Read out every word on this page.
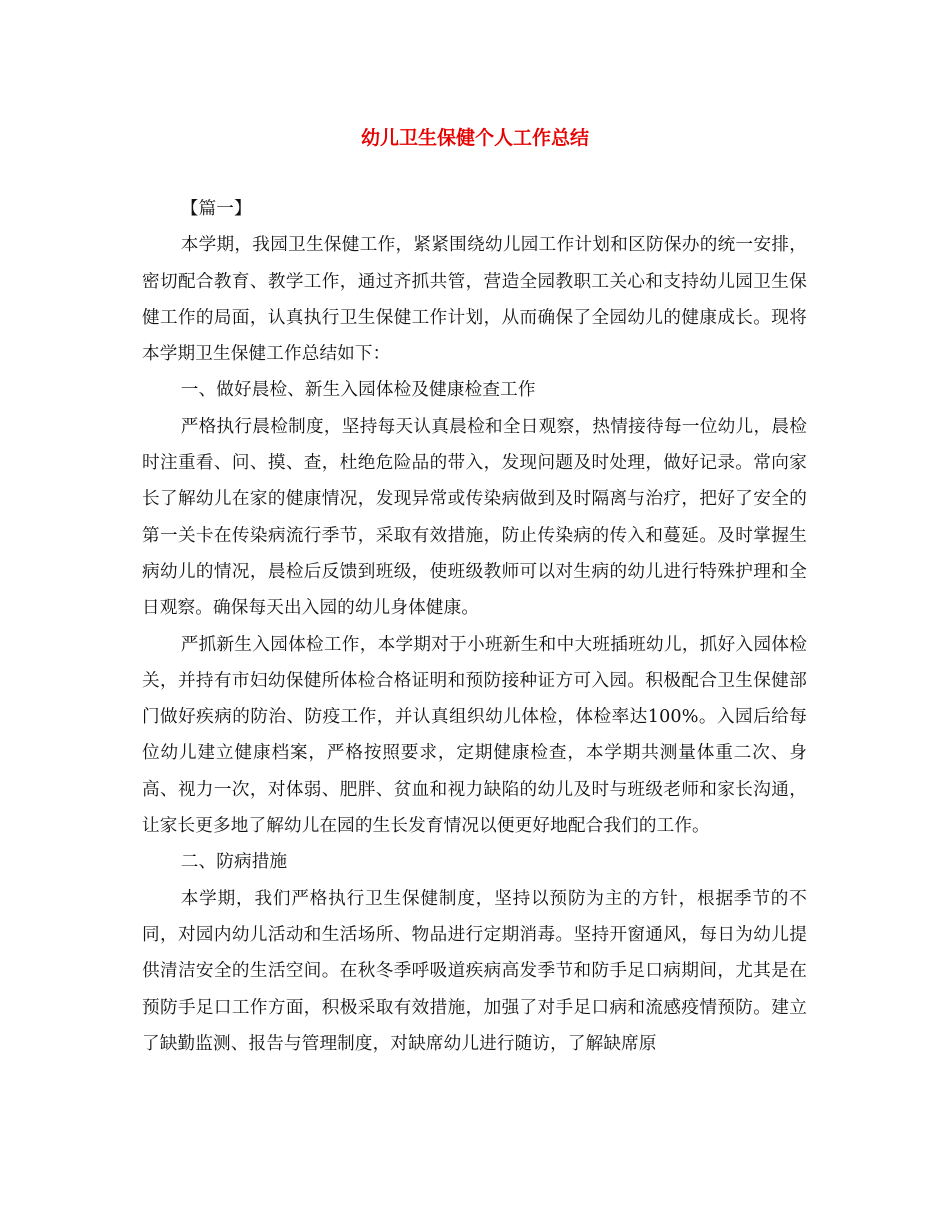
幼儿卫生保健个人工作总结

【篇一】

本学期，我园卫生保健工作，紧紧围绕幼儿园工作计划和区防保办的统一安排，密切配合教育、教学工作，通过齐抓共管，营造全园教职工关心和支持幼儿园卫生保健工作的局面，认真执行卫生保健工作计划，从而确保了全园幼儿的健康成长。现将本学期卫生保健工作总结如下：

一、做好晨检、新生入园体检及健康检查工作

严格执行晨检制度，坚持每天认真晨检和全日观察，热情接待每一位幼儿，晨检时注重看、问、摸、查，杜绝危险品的带入，发现问题及时处理，做好记录。常向家长了解幼儿在家的健康情况，发现异常或传染病做到及时隔离与治疗，把好了安全的第一关卡在传染病流行季节，采取有效措施，防止传染病的传入和蔓延。及时掌握生病幼儿的情况，晨检后反馈到班级，使班级教师可以对生病的幼儿进行特殊护理和全日观察。确保每天出入园的幼儿身体健康。

严抓新生入园体检工作，本学期对于小班新生和中大班插班幼儿，抓好入园体检关，并持有市妇幼保健所体检合格证明和预防接种证方可入园。积极配合卫生保健部门做好疾病的防治、防疫工作，并认真组织幼儿体检，体检率达100%。入园后给每位幼儿建立健康档案，严格按照要求，定期健康检查，本学期共测量体重二次、身高、视力一次，对体弱、肥胖、贫血和视力缺陷的幼儿及时与班级老师和家长沟通，让家长更多地了解幼儿在园的生长发育情况以便更好地配合我们的工作。

二、防病措施

本学期，我们严格执行卫生保健制度，坚持以预防为主的方针，根据季节的不同，对园内幼儿活动和生活场所、物品进行定期消毒。坚持开窗通风，每日为幼儿提供清洁安全的生活空间。在秋冬季呼吸道疾病高发季节和防手足口病期间，尤其是在预防手足口工作方面，积极采取有效措施，加强了对手足口病和流感疫情预防。建立了缺勤监测、报告与管理制度，对缺席幼儿进行随访，了解缺席原
